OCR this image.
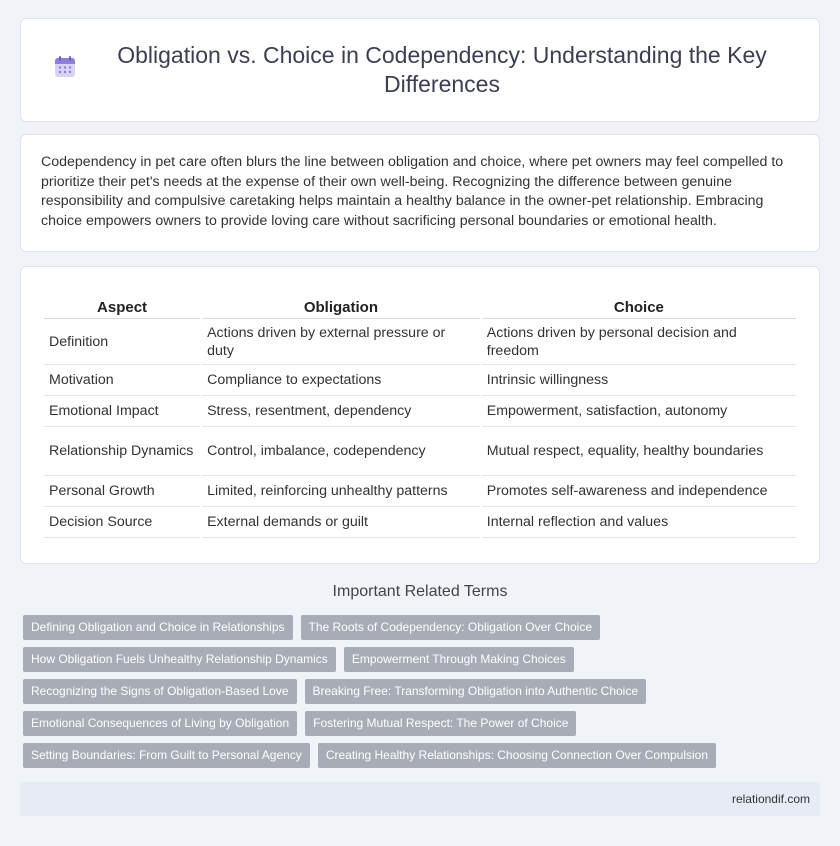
Obligation vs. Choice in Codependency: Understanding the Key Differences

Codependency in pet care often blurs the line between obligation and choice, where pet owners may feel compelled to prioritize their pet's needs at the expense of their own well-being. Recognizing the difference between genuine responsibility and compulsive caretaking helps maintain a healthy balance in the owner-pet relationship. Embracing choice empowers owners to provide loving care without sacrificing personal boundaries or emotional health.

Aspect	Obligation	Choice
Definition	Actions driven by external pressure or duty	Actions driven by personal decision and freedom
Motivation	Compliance to expectations	Intrinsic willingness
Emotional Impact	Stress, resentment, dependency	Empowerment, satisfaction, autonomy
Relationship Dynamics	Control, imbalance, codependency	Mutual respect, equality, healthy boundaries
Personal Growth	Limited, reinforcing unhealthy patterns	Promotes self-awareness and independence
Decision Source	External demands or guilt	Internal reflection and values
Important Related Terms
Defining Obligation and Choice in Relationships	The Roots of Codependency: Obligation Over Choice
How Obligation Fuels Unhealthy Relationship Dynamics	Empowerment Through Making Choices
Recognizing the Signs of Obligation-Based Love	Breaking Free: Transforming Obligation into Authentic Choice
Emotional Consequences of Living by Obligation	Fostering Mutual Respect: The Power of Choice
Setting Boundaries: From Guilt to Personal Agency	Creating Healthy Relationships: Choosing Connection Over Compulsion
relationdif.com
